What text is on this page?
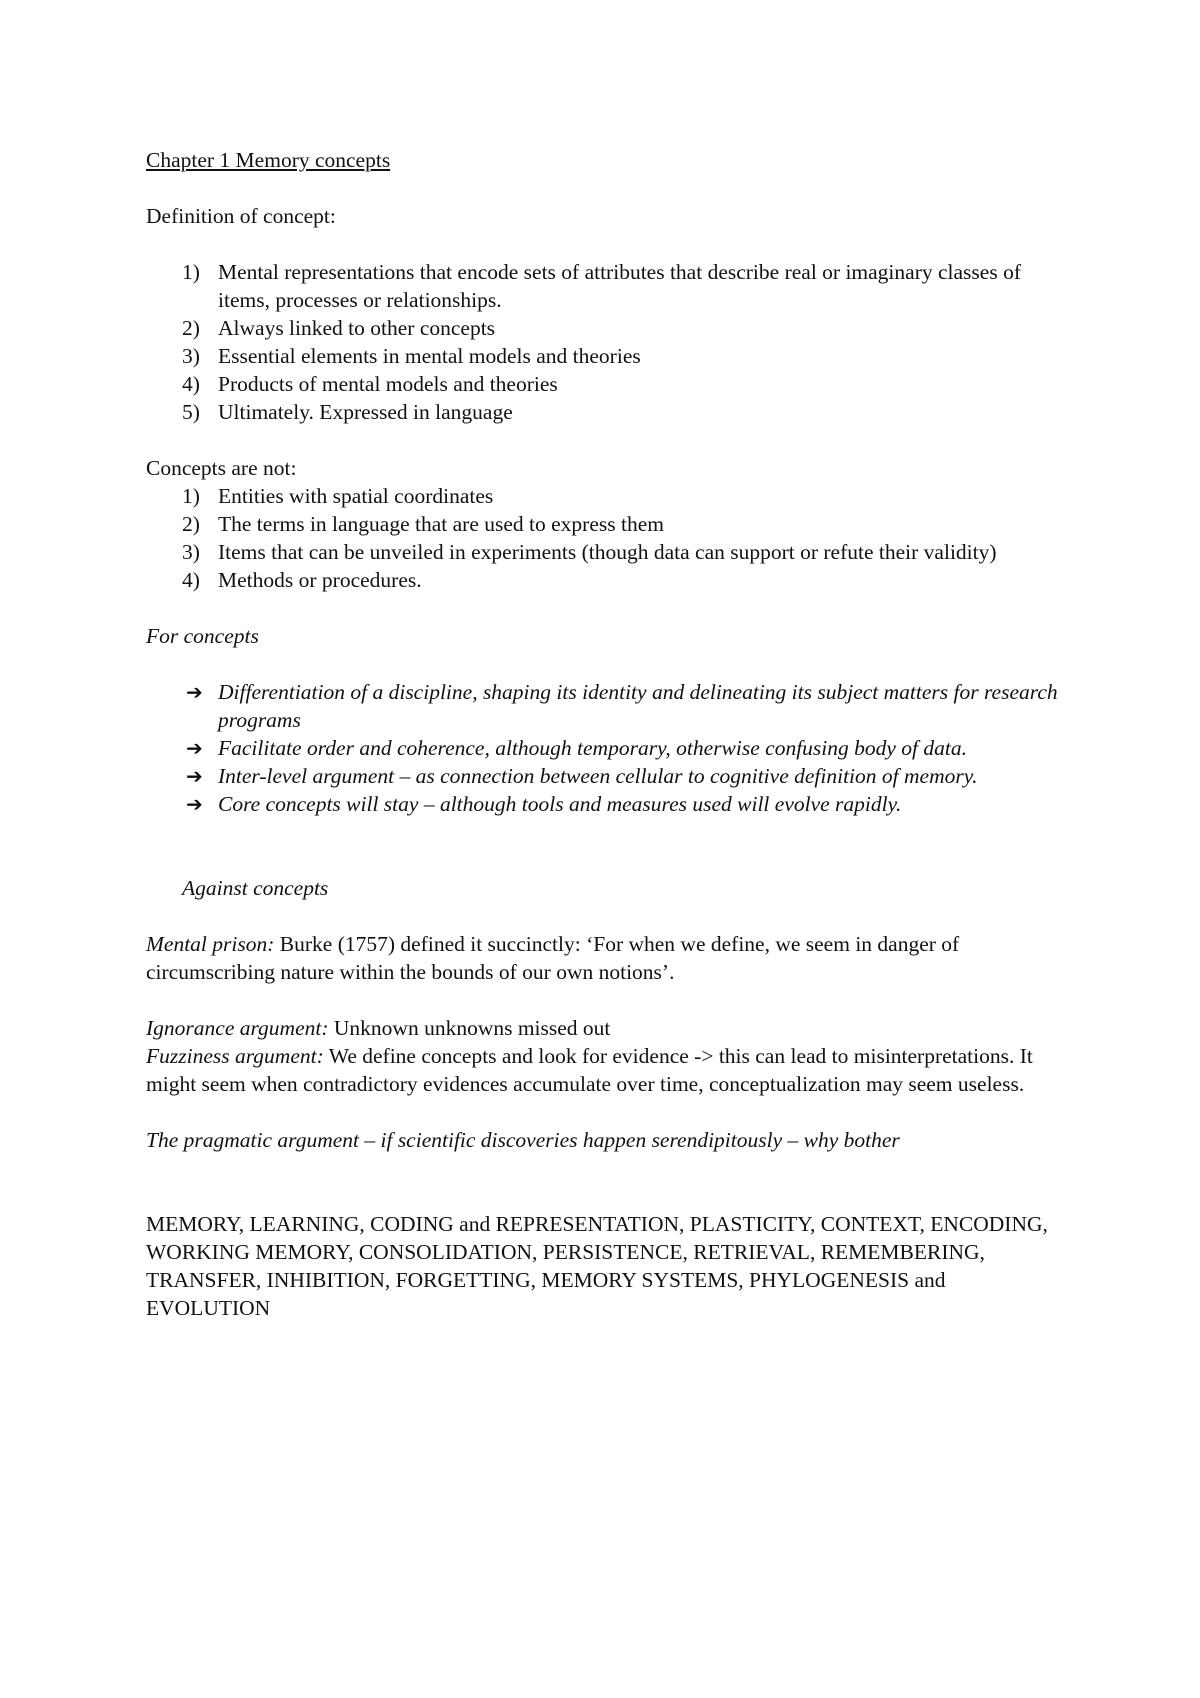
Chapter 1 Memory concepts

Definition of concept:

1) Mental representations that encode sets of attributes that describe real or imaginary classes of items, processes or relationships.
2) Always linked to other concepts
3) Essential elements in mental models and theories
4) Products of mental models and theories
5) Ultimately. Expressed in language

Concepts are not:

1) Entities with spatial coordinates
2) The terms in language that are used to express them
3) Items that can be unveiled in experiments (though data can support or refute their validity)
4) Methods or procedures.

For concepts

➔ Differentiation of a discipline, shaping its identity and delineating its subject matters for research programs
➔ Facilitate order and coherence, although temporary, otherwise confusing body of data.
➔ Inter-level argument – as connection between cellular to cognitive definition of memory.
➔ Core concepts will stay – although tools and measures used will evolve rapidly.

Against concepts

Mental prison: Burke (1757) defined it succinctly: ‘For when we define, we seem in danger of circumscribing nature within the bounds of our own notions’.

Ignorance argument: Unknown unknowns missed out

Fuzziness argument: We define concepts and look for evidence -> this can lead to misinterpretations. It might seem when contradictory evidences accumulate over time, conceptualization may seem useless.

The pragmatic argument – if scientific discoveries happen serendipitously – why bother

MEMORY, LEARNING, CODING and REPRESENTATION, PLASTICITY, CONTEXT, ENCODING, WORKING MEMORY, CONSOLIDATION, PERSISTENCE, RETRIEVAL, REMEMBERING, TRANSFER, INHIBITION, FORGETTING, MEMORY SYSTEMS, PHYLOGENESIS and EVOLUTION
